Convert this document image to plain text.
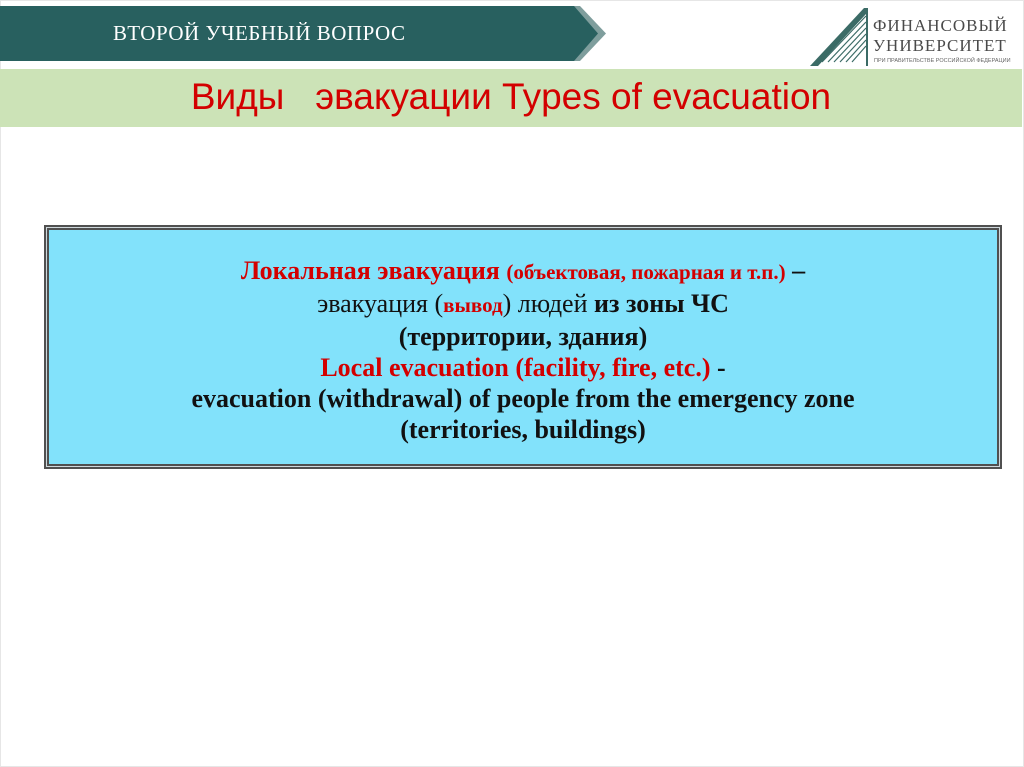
ВТОРОЙ УЧЕБНЫЙ ВОПРОС	ФИНАНСОВЫЙ
УНИВЕРСИТЕТ
ПРИ ПРАВИТЕЛЬСТВЕ РОССИЙСКОЙ ФЕДЕРАЦИИ
Виды   эвакуации Types of evacuation
Локальная эвакуация (объектовая, пожарная и т.п.) –
эвакуация (вывод) людей из зоны ЧС
(территории, здания)
Local evacuation (facility, fire, etc.) -
evacuation (withdrawal) of people from the emergency zone
(territories, buildings)
